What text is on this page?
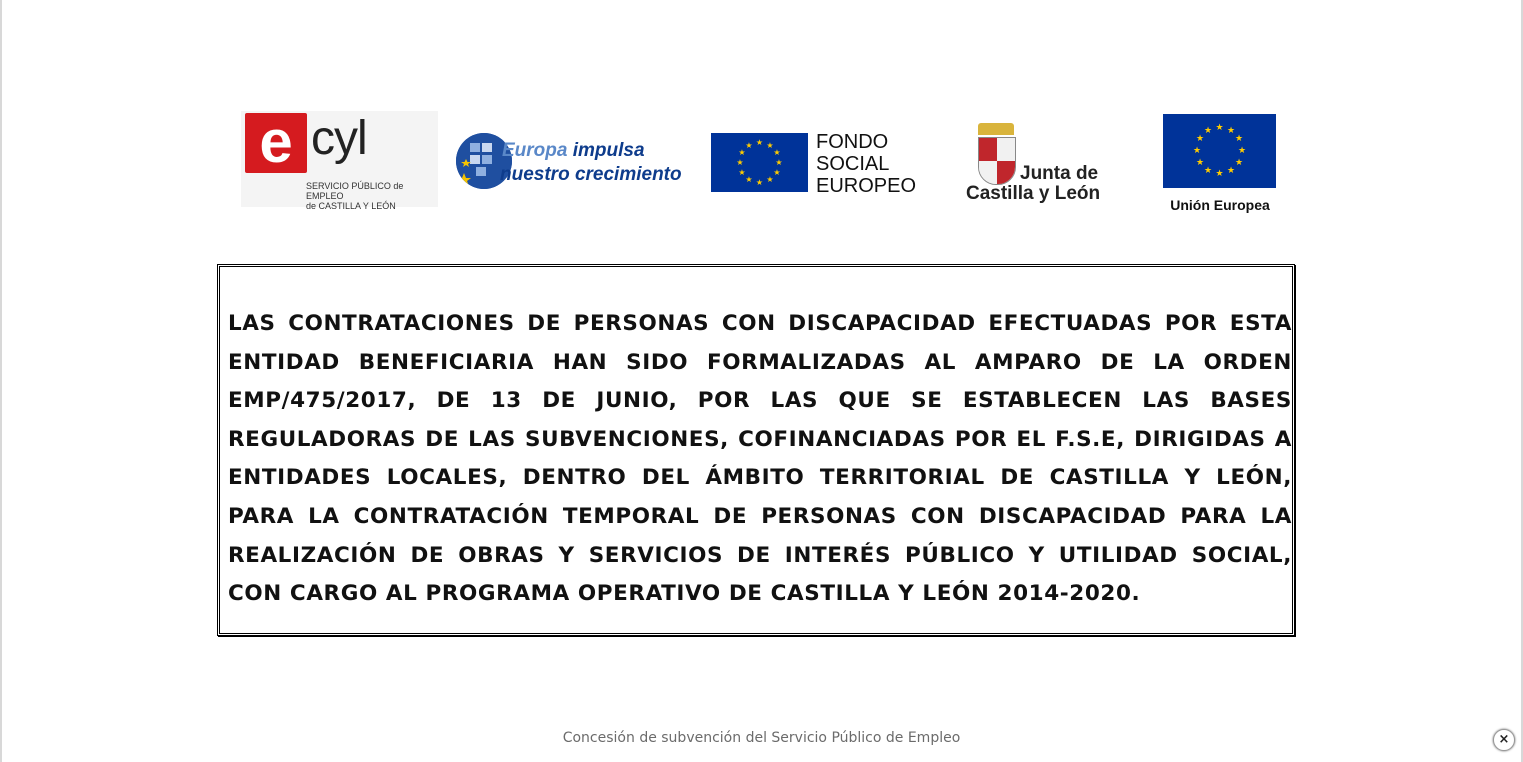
e cyl
SERVICIO PÚBLICO de EMPLEO
de CASTILLA Y LEÓN
Europa impulsa
nuestro crecimiento
★ ★
★
★
★
★
★
★
★
★
★
★	FONDO
SOCIAL
EUROPEO
Junta de
Castilla y León
★ ★
★
★
★
★
★
★
★
★
★
★
Unión Europea
LAS CONTRATACIONES DE PERSONAS CON DISCAPACIDAD EFECTUADAS POR ESTA ENTIDAD BENEFICIARIA HAN SIDO FORMALIZADAS AL AMPARO DE LA ORDEN EMP/475/2017, DE 13 DE JUNIO, POR LAS QUE SE ESTABLECEN LAS BASES REGULADORAS DE LAS SUBVENCIONES, COFINANCIADAS POR EL F.S.E, DIRIGIDAS A ENTIDADES LOCALES, DENTRO DEL ÁMBITO TERRITORIAL DE CASTILLA Y LEÓN, PARA LA CONTRATACIÓN TEMPORAL DE PERSONAS CON DISCAPACIDAD PARA LA REALIZACIÓN DE OBRAS Y SERVICIOS DE INTERÉS PÚBLICO Y UTILIDAD SOCIAL, CON CARGO AL PROGRAMA OPERATIVO DE CASTILLA Y LEÓN 2014-2020.
Concesión de subvención del Servicio Público de Empleo	×
